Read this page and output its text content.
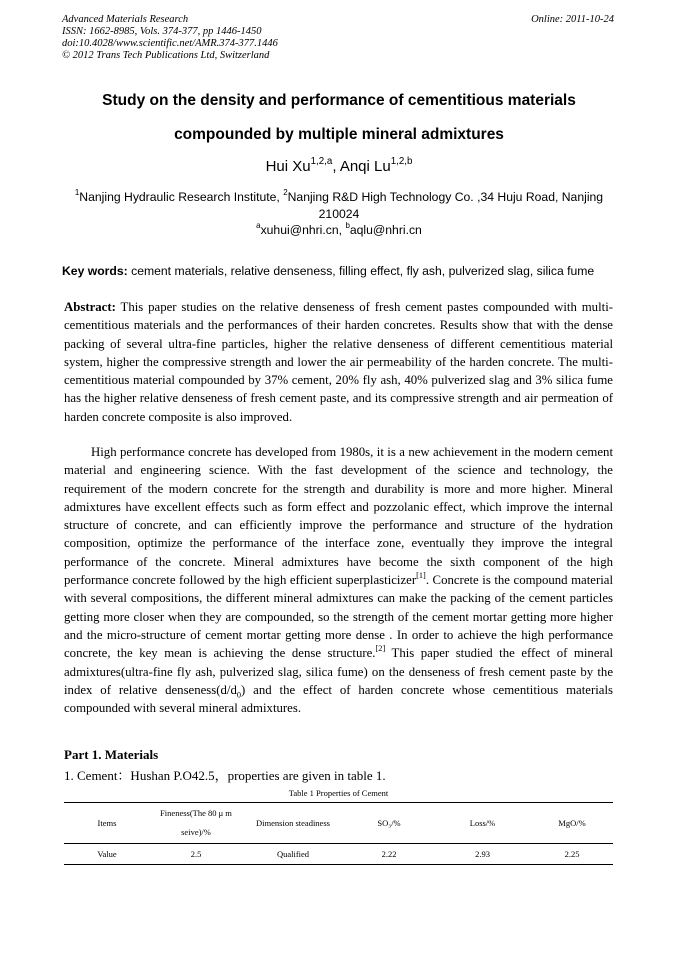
Advanced Materials Research
ISSN: 1662-8985, Vols. 374-377, pp 1446-1450
doi:10.4028/www.scientific.net/AMR.374-377.1446
© 2012 Trans Tech Publications Ltd, Switzerland
Online: 2011-10-24
Study on the density and performance of cementitious materials
compounded by multiple mineral admixtures
Hui Xu$^{1,2,a}$, Anqi Lu$^{1,2,b}$
$^1$Nanjing Hydraulic Research Institute, $^2$Nanjing R&D High Technology Co. ,34 Huju Road, Nanjing 210024
$^a$xuhui@nhri.cn, $^b$aqlu@nhri.cn
Key words: cement materials, relative denseness, filling effect, fly ash, pulverized slag, silica fume
Abstract: This paper studies on the relative denseness of fresh cement pastes compounded with multi-cementitious materials and the performances of their harden concretes. Results show that with the dense packing of several ultra-fine particles, higher the relative denseness of different cementitious material system, higher the compressive strength and lower the air permeability of the harden concrete. The multi-cementitious material compounded by 37% cement, 20% fly ash, 40% pulverized slag and 3% silica fume has the higher relative denseness of fresh cement paste, and its compressive strength and air permeation of harden concrete composite is also improved.
High performance concrete has developed from 1980s, it is a new achievement in the modern cement material and engineering science. With the fast development of the science and technology, the requirement of the modern concrete for the strength and durability is more and more higher. Mineral admixtures have excellent effects such as form effect and pozzolanic effect, which improve the internal structure of concrete, and can efficiently improve the performance and structure of the hydration composition, optimize the performance of the interface zone, eventually they improve the integral performance of the concrete. Mineral admixtures have become the sixth component of the high performance concrete followed by the high efficient superplasticizer[1]. Concrete is the compound material with several compositions, the different mineral admixtures can make the packing of the cement particles getting more closer when they are compounded, so the strength of the cement mortar getting more higher and the micro-structure of cement mortar getting more dense . In order to achieve the high performance concrete, the key mean is achieving the dense structure.[2] This paper studied the effect of mineral admixtures(ultra-fine fly ash, pulverized slag, silica fume) on the denseness of fresh cement paste by the index of relative $denseness(d/d_0)$ and the effect of harden concrete whose cementitious materials compounded with several mineral admixtures.
Part 1. Materials
1. Cement：Hushan P.O42.5，properties are given in table 1.
Table 1 Properties of Cement
Items	Fineness(The 80 μ m seive)/%	Dimension steadiness	SO₃/%	Loss/%	MgO/%
Value	2.5	Qualified	2.22	2.93	2.25
